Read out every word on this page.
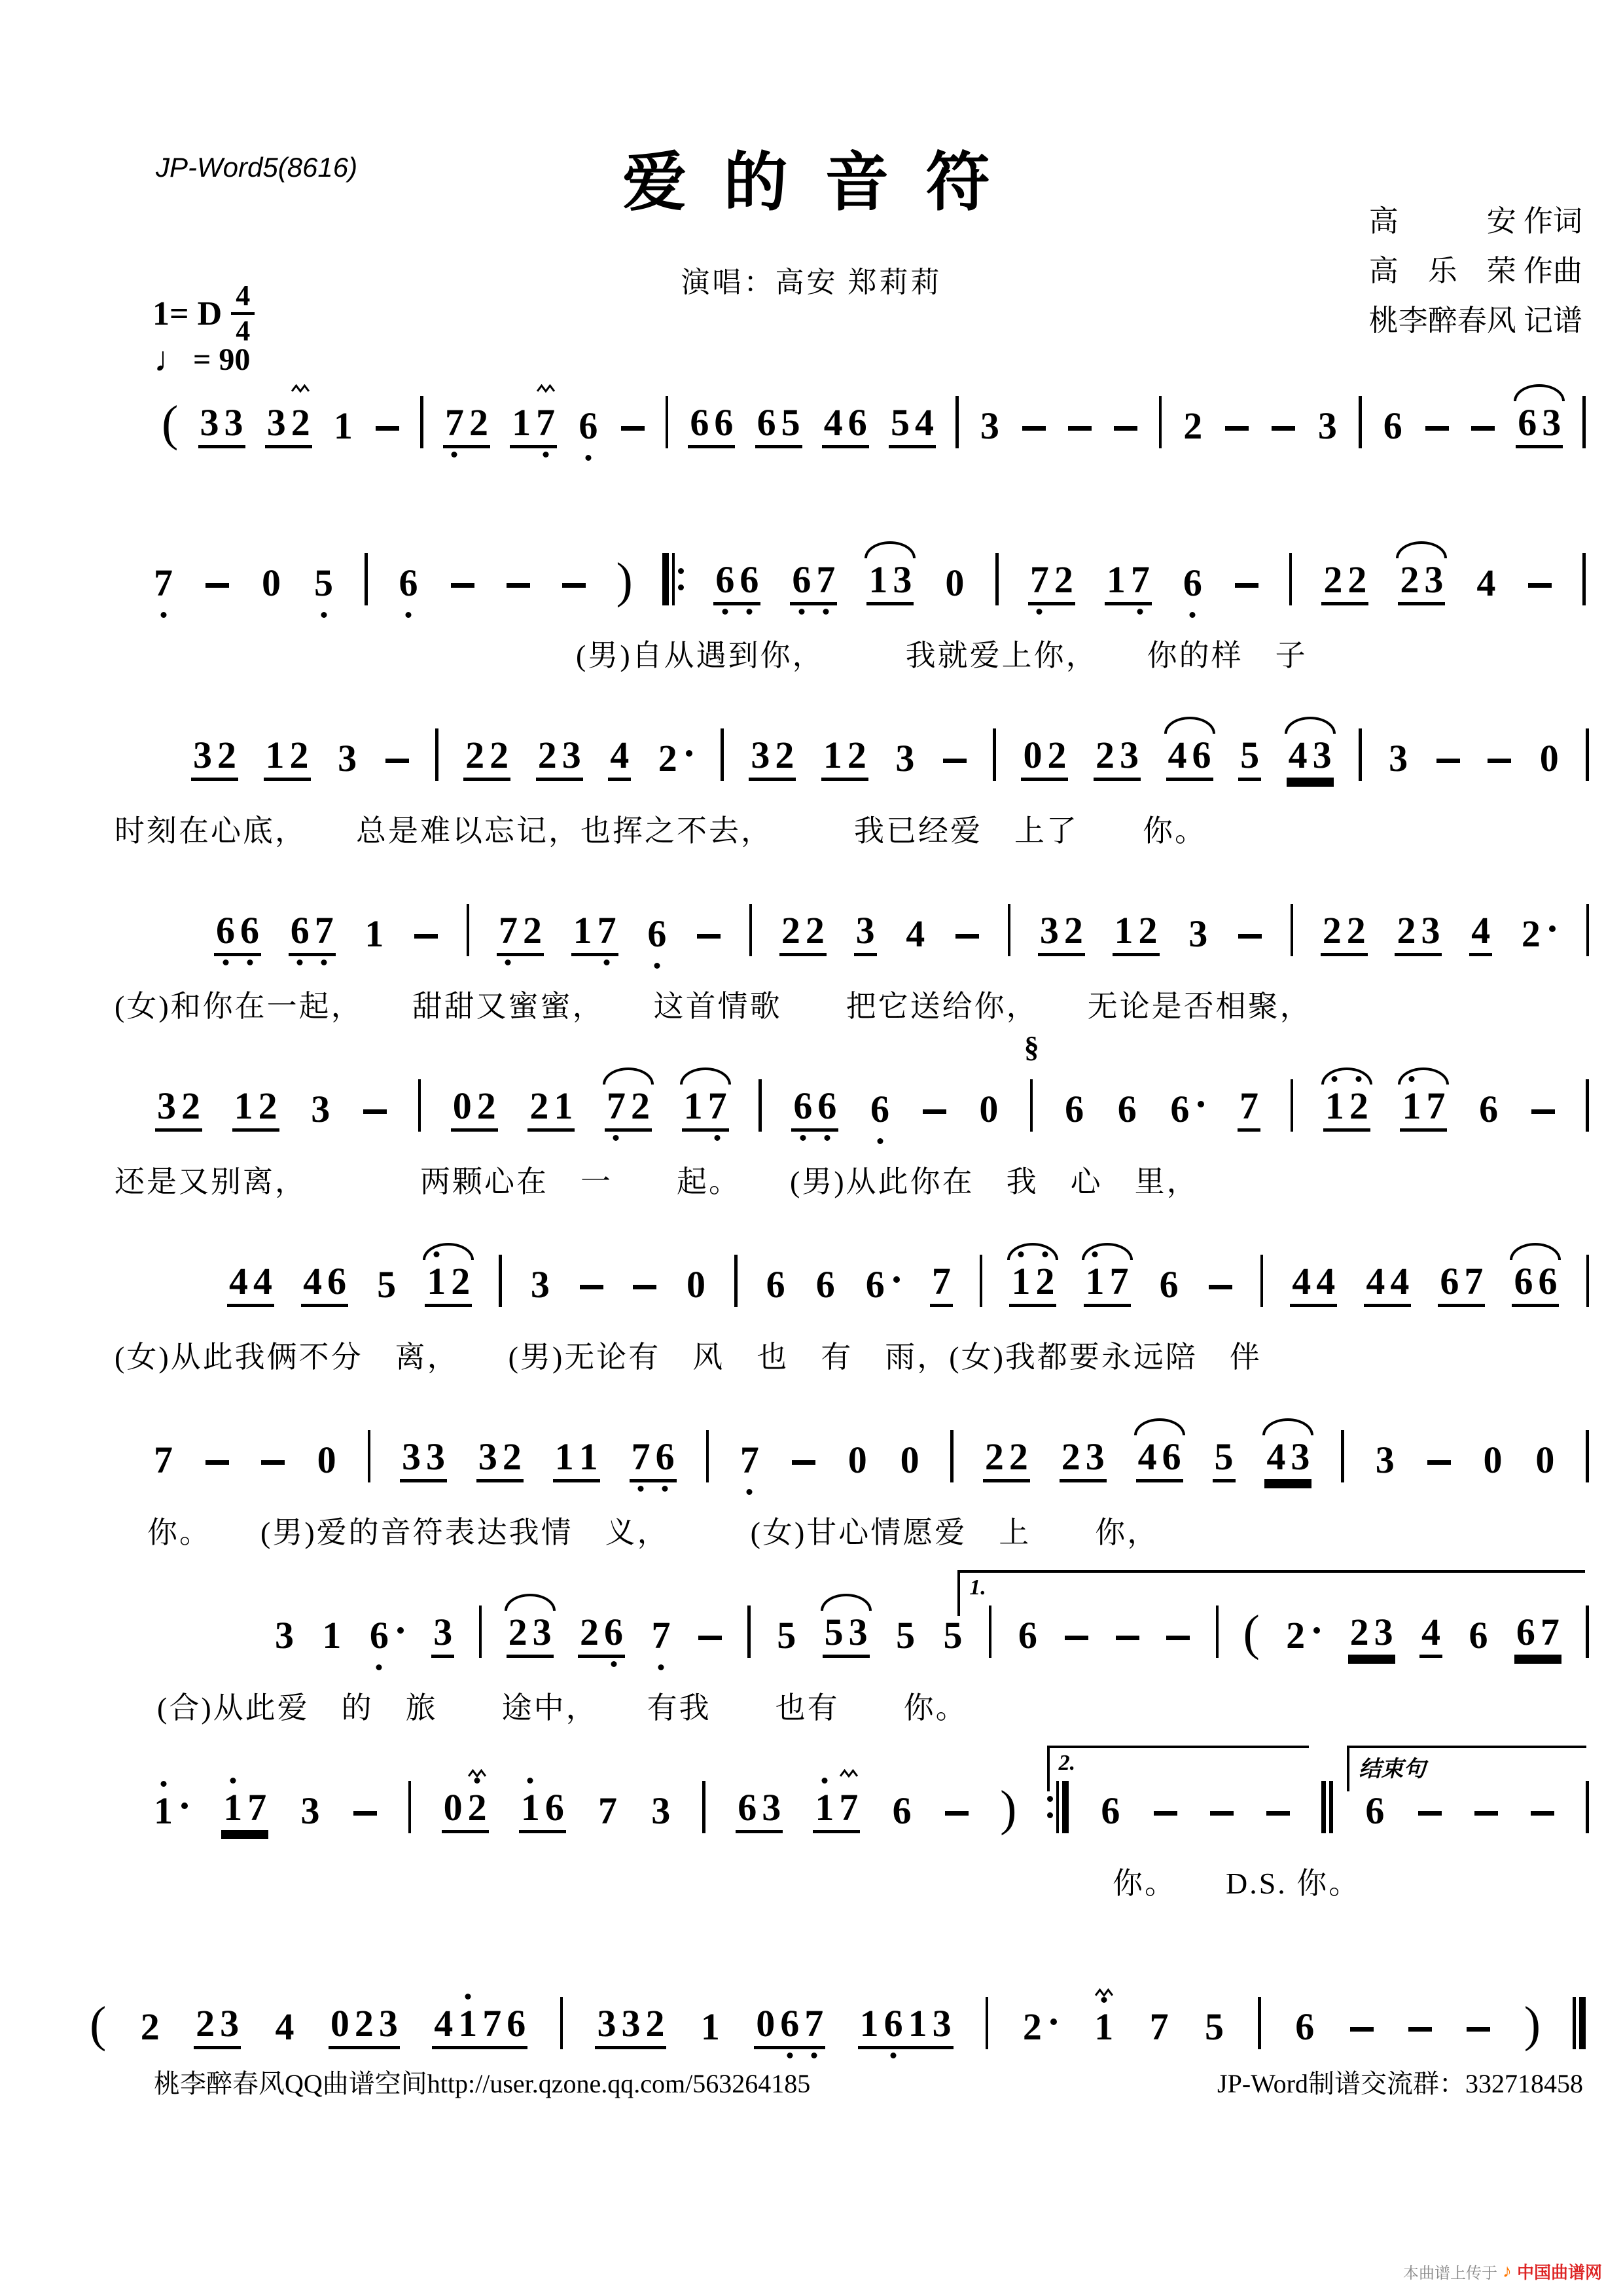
JP-Word5(8616)	爱 的 音 符
演唱：高安 郑莉莉
高　　　安 作词
高　乐　荣 作曲
桃李醉春风 记谱
1= D $\frac{4}{4}$
♩ = 90
( 3 3 3 2 1 7 2 1 7 6 6 6 6 5 4 6 5 4 3	2	3 6	6 3
7 0 5 6	) 6 6 6 7 1 3 0 7 2 1 7 6	2 2 2 3 4
(男)自从遇到你，　　　我就爱上你，　　你的样　子
3 2 1 2 3	2 2 2 3 4 2 3 2 1 2 3	0 2 2 3 4 6 5 4 3 3	0
时刻在心底，　　总是难以忘记，也挥之不去，　　　我已经爱　上了　　你。
6 6 6 7 1	7 2 1 7 6	2 2 3 4	3 2 1 2 3	2 2 2 3 4 2
(女)和你在一起，　　甜甜又蜜蜜，　　这首情歌　　把它送给你，　　无论是否相聚，
3 2 1 2 3	0 2 2 1 7 2 1 7 6 6 6 0
§
6 6 6 7 1 2 1 7 6
还是又别离，　　　　两颗心在　一　　起。　　(男)从此你在　我　心　里，
4 4 4 6 5 1 2 3	0 6 6 6 7 1 2 1 7 6	4 4 4 4 6 7 6 6
(女)从此我俩不分　离，　　(男)无论有　风　也　有　雨，(女)我都要永远陪　伴
7	0 3 3 3 2 1 1 7 6 7 0 0 2 2 2 3 4 6 5 4 3 3 0 0
你。　　(男)爱的音符表达我情　义，　　　(女)甘心情愿爱　上　　你，
1.
3 1 6 3 2 3 2 6 7	5 5 3 5 5 6	( 2 2 3 4 6 6 7
(合)从此爱　的　旅　　途中，　　有我　　也有　　你。
2.	结束句
1 1 7 3	0 2 1 6 7 3 6 3 1 7 6 ) 6	6
你。　　D.S. 你。
( 2 2 3 4 0 2 3 4 1 7 6 3 3 2 1 0 6 7 1 6 1 3 2 1 7 5 6	)
桃李醉春风QQ曲谱空间http://user.qzone.qq.com/563264185	JP-Word制谱交流群：332718458
本曲谱上传于 ♪ 中国曲谱网
